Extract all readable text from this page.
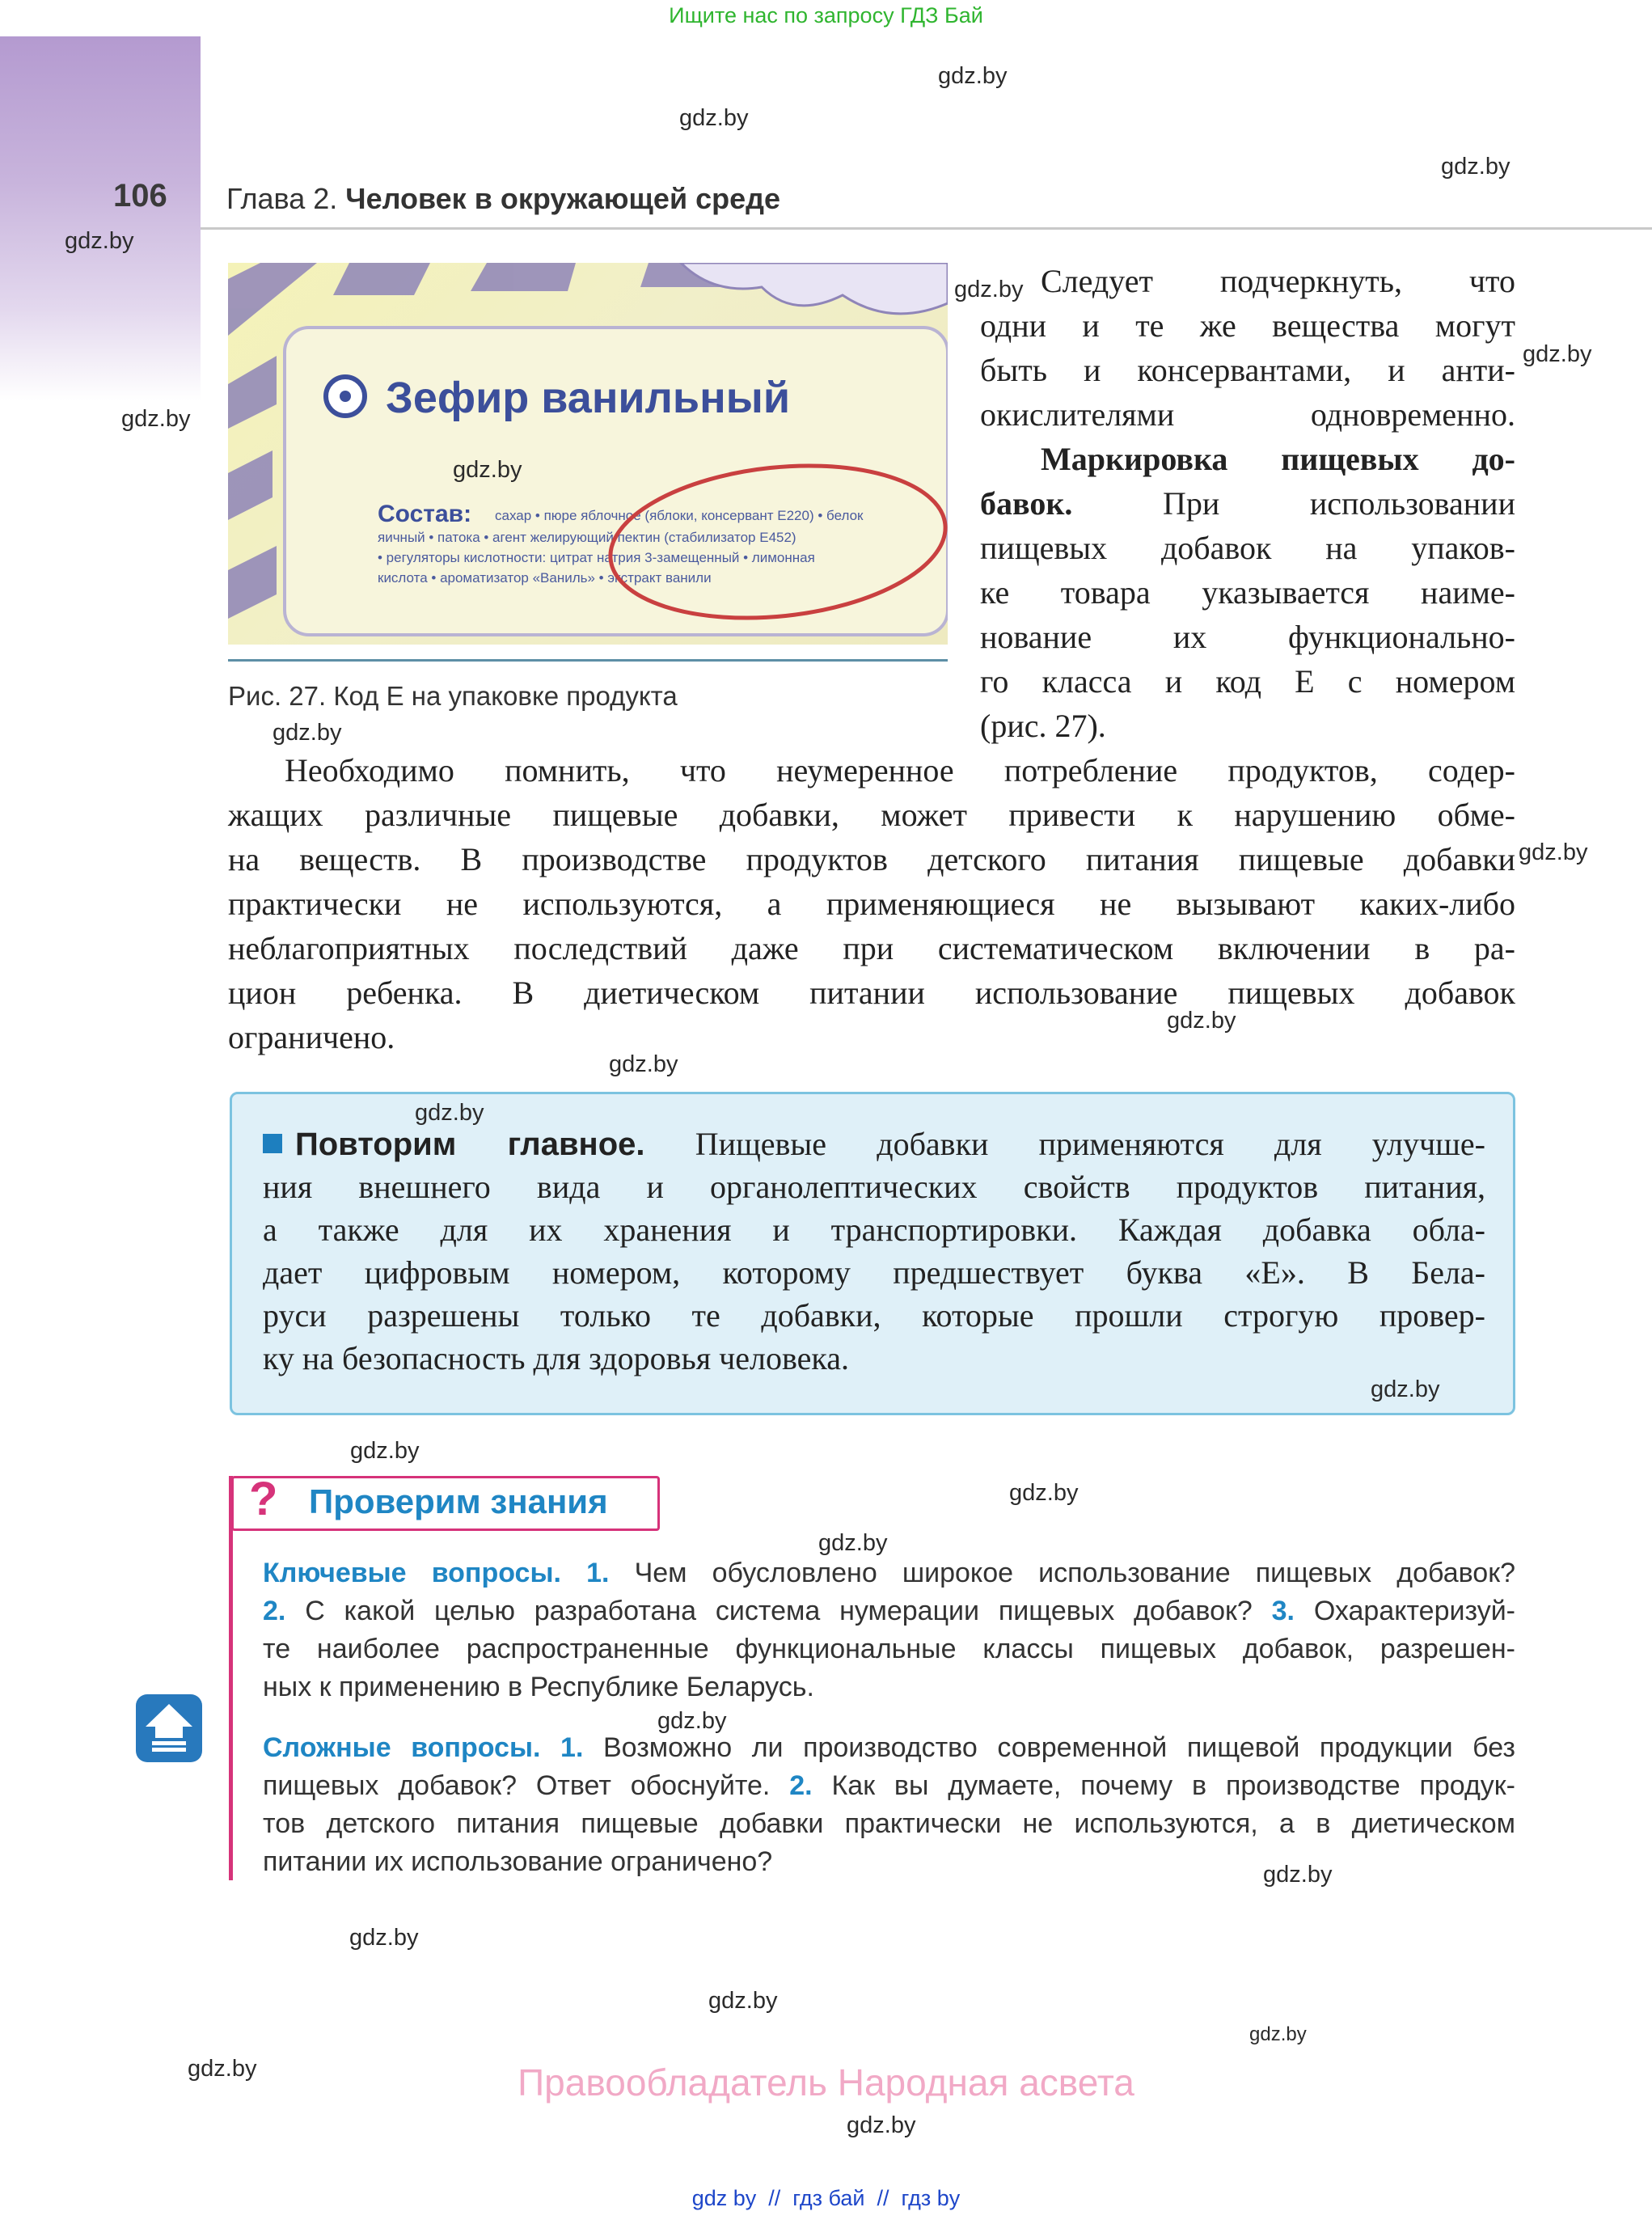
Ищите нас по запросу ГДЗ Бай
106 Глава 2. Человек в окружающей среде
Зефир ванильный
Состав: сахар • пюре яблочное (яблоки, консервант Е220) • белок
яичный • патока • агент желирующий пектин (стабилизатор Е452)
• регуляторы кислотности: цитрат натрия 3-замещенный • лимонная
кислота • ароматизатор «Ваниль» • экстракт ванили
Рис. 27. Код Е на упаковке продукта
Следует подчеркнуть, что
одни и те же вещества могут
быть и консервантами, и анти-
окислителями одновременно.
Маркировка пищевых до-
бавок.	При использовании
пищевых добавок на упаков-
ке товара указывается наиме-
нование их функционально-
го класса и код Е с номером
(рис. 27).
Необходимо помнить, что неумеренное потребление продуктов, содер-
жащих различные пищевые добавки, может привести к нарушению обме-
на веществ. В производстве продуктов детского питания пищевые добавки
практически не используются, а применяющиеся не вызывают каких-либо
неблагоприятных последствий даже при систематическом включении в ра-
цион ребенка. В диетическом питании использование пищевых добавок
ограничено.
Повторим главное. Пищевые добавки применяются для улучше-
ния внешнего вида и органолептических свойств продуктов питания,
а также для их хранения и транспортировки. Каждая добавка обла-
дает цифровым номером, которому предшествует буква «Е». В Бела-
руси разрешены только те добавки, которые прошли строгую провер-
ку на безопасность для здоровья человека.
? Проверим знания
Ключевые вопросы. 1. Чем обусловлено широкое использование пищевых добавок?
2. С какой целью разработана система нумерации пищевых добавок? 3. Охарактеризуй-
те наиболее распространенные функциональные классы пищевых добавок, разрешен-
ных к применению в Республике Беларусь.
Сложные вопросы. 1. Возможно ли производство современной пищевой продукции без
пищевых добавок? Ответ обоснуйте. 2. Как вы думаете, почему в производстве продук-
тов детского питания пищевые добавки практически не используются, а в диетическом
питании их использование ограничено?
gdz.by
gdz.by
gdz.by
gdz.by
gdz.by
gdz.by
gdz.by
gdz.by
gdz.by
gdz.by
gdz.by
gdz.by
gdz.by
gdz.by
gdz.by
gdz.by
gdz.by
gdz.by
gdz.by
gdz.by
gdz.by
gdz.by
gdz.by
gdz.by
Правообладатель Народная асвета
gdz by  //  гдз бай  //  гдз by
